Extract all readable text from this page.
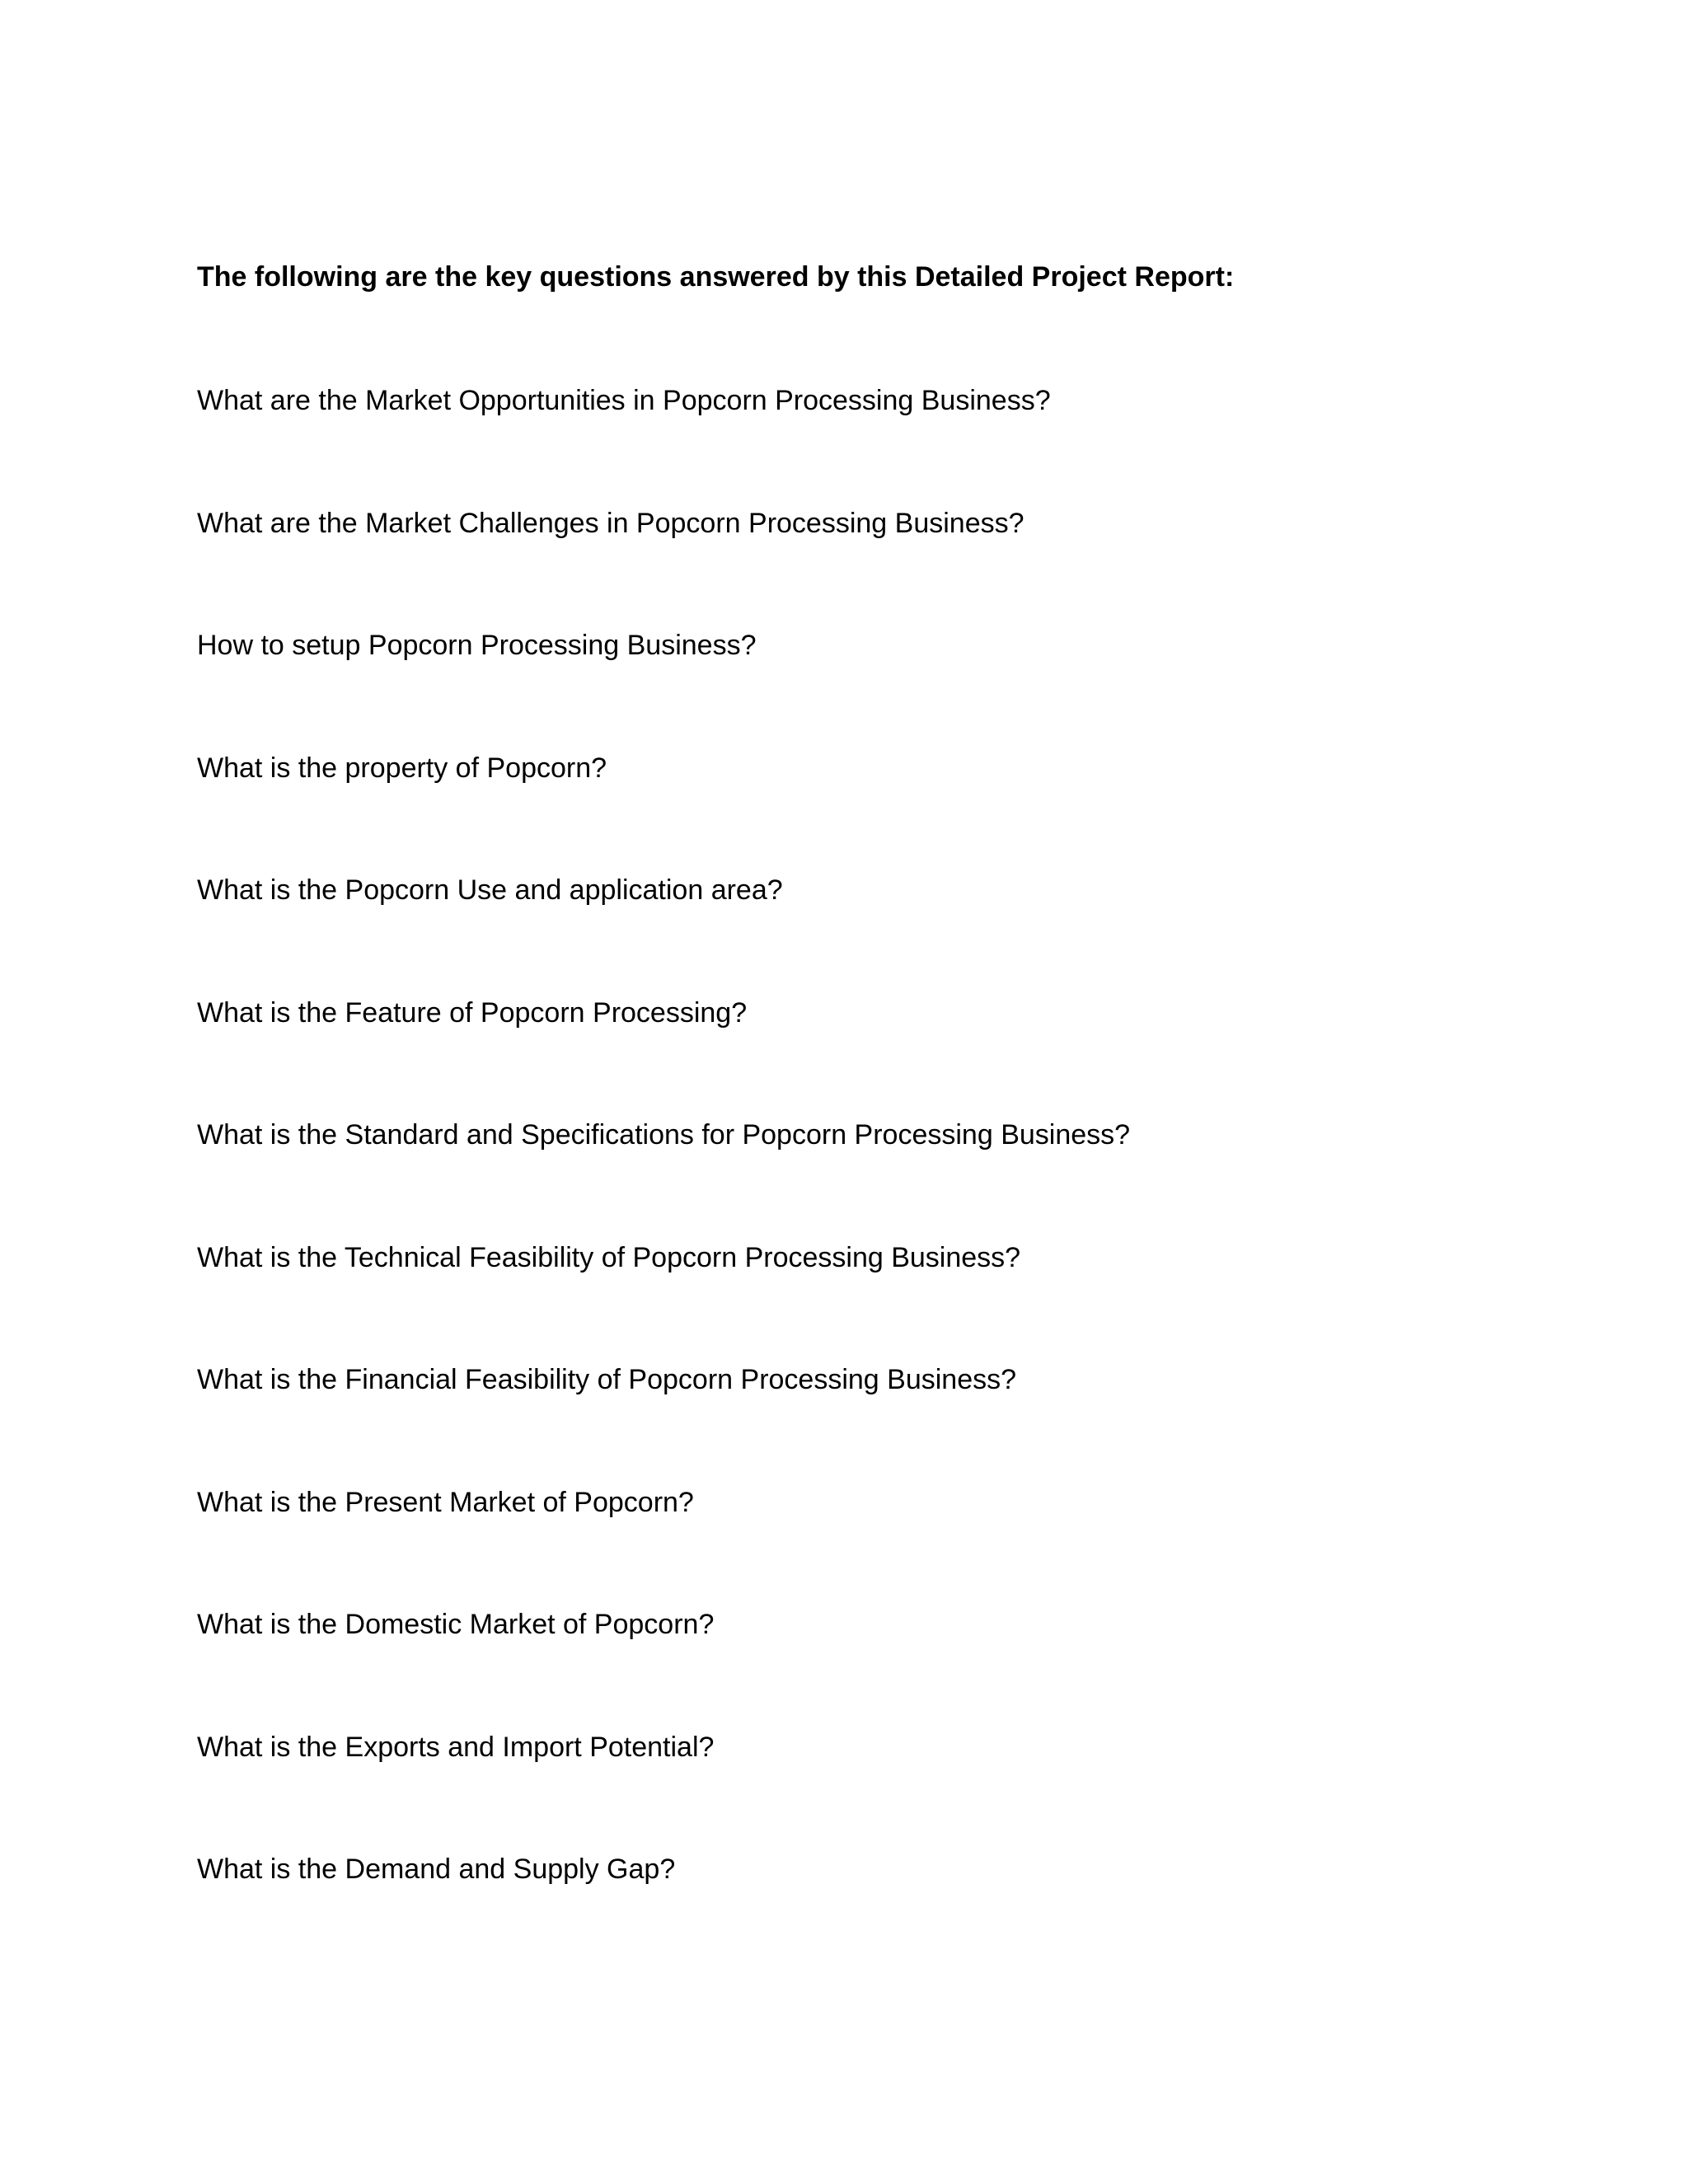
The following are the key questions answered by this Detailed Project Report:

What are the Market Opportunities in Popcorn Processing Business?
What are the Market Challenges in Popcorn Processing Business?
How to setup Popcorn Processing Business?
What is the property of Popcorn?
What is the Popcorn Use and application area?
What is the Feature of Popcorn Processing?
What is the Standard and Specifications for Popcorn Processing Business?
What is the Technical Feasibility of Popcorn Processing Business?
What is the Financial Feasibility of Popcorn Processing Business?
What is the Present Market of Popcorn?
What is the Domestic Market of Popcorn?
What is the Exports and Import Potential?
What is the Demand and Supply Gap?
